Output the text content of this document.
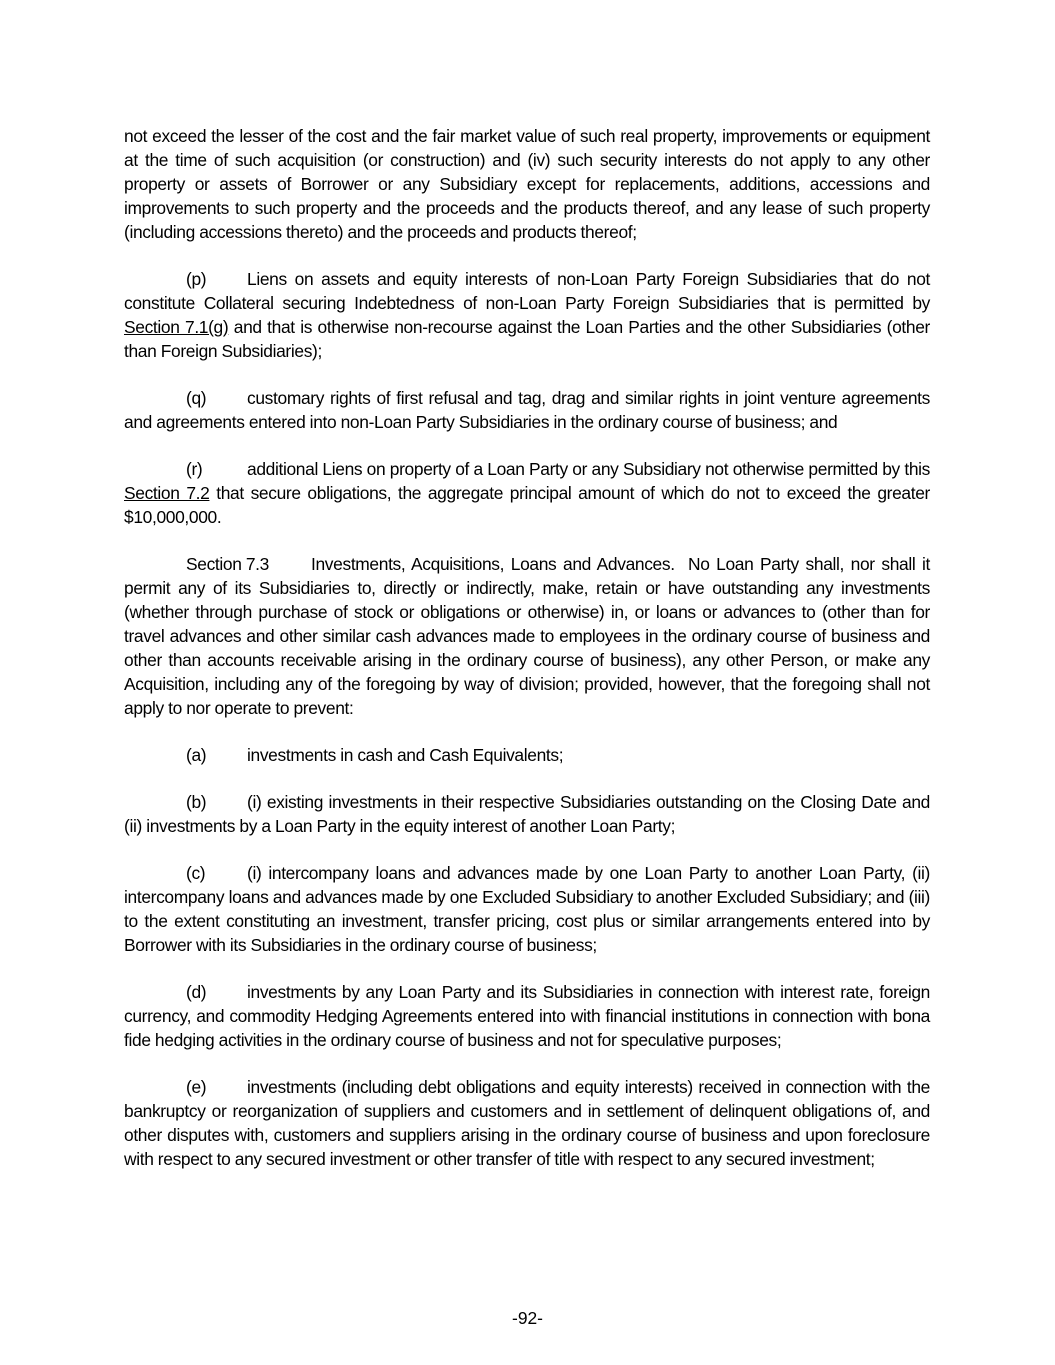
not exceed the lesser of the cost and the fair market value of such real property, improvements or equipment at the time of such acquisition (or construction) and (iv) such security interests do not apply to any other property or assets of Borrower or any Subsidiary except for replacements, additions, accessions and improvements to such property and the proceeds and the products thereof, and any lease of such property (including accessions thereto) and the proceeds and products thereof;

(p) Liens on assets and equity interests of non-Loan Party Foreign Subsidiaries that do not constitute Collateral securing Indebtedness of non-Loan Party Foreign Subsidiaries that is permitted by Section 7.1(g) and that is otherwise non-recourse against the Loan Parties and the other Subsidiaries (other than Foreign Subsidiaries);

(q) customary rights of first refusal and tag, drag and similar rights in joint venture agreements and agreements entered into non-Loan Party Subsidiaries in the ordinary course of business; and

(r)	additional Liens on property of a Loan Party or any Subsidiary not otherwise permitted by this Section 7.2 that secure obligations, the aggregate principal amount of which do not to exceed the greater $10,000,000.

Section 7.3 Investments, Acquisitions, Loans and Advances. No Loan Party shall, nor shall it permit any of its Subsidiaries to, directly or indirectly, make, retain or have outstanding any investments (whether through purchase of stock or obligations or otherwise) in, or loans or advances to (other than for travel advances and other similar cash advances made to employees in the ordinary course of business and other than accounts receivable arising in the ordinary course of business), any other Person, or make any Acquisition, including any of the foregoing by way of division; provided, however, that the foregoing shall not apply to nor operate to prevent:

(a) investments in cash and Cash Equivalents;

(b) (i) existing investments in their respective Subsidiaries outstanding on the Closing Date and (ii) investments by a Loan Party in the equity interest of another Loan Party;

(c) (i) intercompany loans and advances made by one Loan Party to another Loan Party, (ii) intercompany loans and advances made by one Excluded Subsidiary to another Excluded Subsidiary; and (iii) to the extent constituting an investment, transfer pricing, cost plus or similar arrangements entered into by Borrower with its Subsidiaries in the ordinary course of business;

(d) investments by any Loan Party and its Subsidiaries in connection with interest rate, foreign currency, and commodity Hedging Agreements entered into with financial institutions in connection with bona fide hedging activities in the ordinary course of business and not for speculative purposes;

(e) investments (including debt obligations and equity interests) received in connection with the bankruptcy or reorganization of suppliers and customers and in settlement of delinquent obligations of, and other disputes with, customers and suppliers arising in the ordinary course of business and upon foreclosure with respect to any secured investment or other transfer of title with respect to any secured investment;

-92-
